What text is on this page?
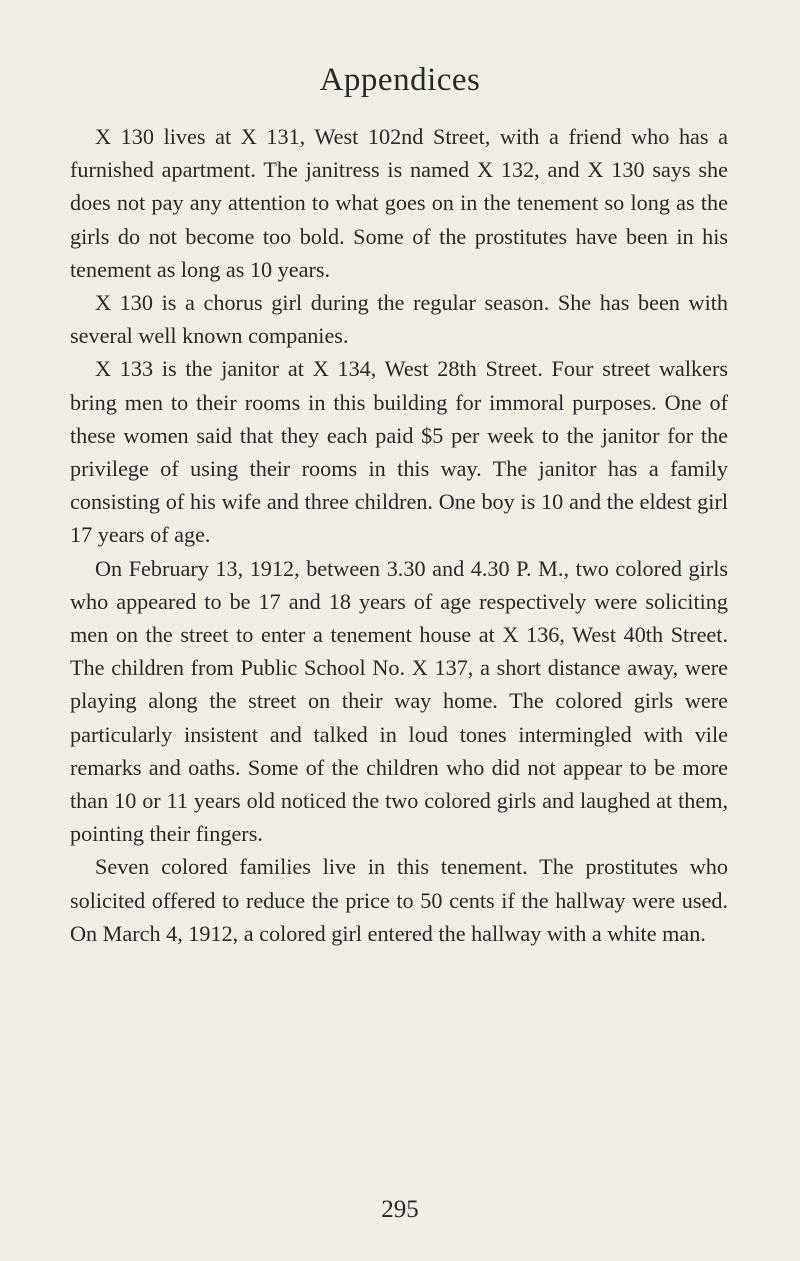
Appendices

X 130 lives at X 131, West 102nd Street, with a friend who has a furnished apartment. The janitress is named X 132, and X 130 says she does not pay any attention to what goes on in the tenement so long as the girls do not become too bold. Some of the prostitutes have been in his tenement as long as 10 years.

X 130 is a chorus girl during the regular season. She has been with several well known companies.

X 133 is the janitor at X 134, West 28th Street. Four street walkers bring men to their rooms in this building for immoral purposes. One of these women said that they each paid $5 per week to the janitor for the privilege of using their rooms in this way. The janitor has a family consisting of his wife and three children. One boy is 10 and the eldest girl 17 years of age.

On February 13, 1912, between 3.30 and 4.30 P. M., two colored girls who appeared to be 17 and 18 years of age respectively were soliciting men on the street to enter a tenement house at X 136, West 40th Street. The children from Public School No. X 137, a short distance away, were playing along the street on their way home. The colored girls were particularly insistent and talked in loud tones intermingled with vile remarks and oaths. Some of the children who did not appear to be more than 10 or 11 years old noticed the two colored girls and laughed at them, pointing their fingers.

Seven colored families live in this tenement. The prostitutes who solicited offered to reduce the price to 50 cents if the hallway were used. On March 4, 1912, a colored girl entered the hallway with a white man.

295
